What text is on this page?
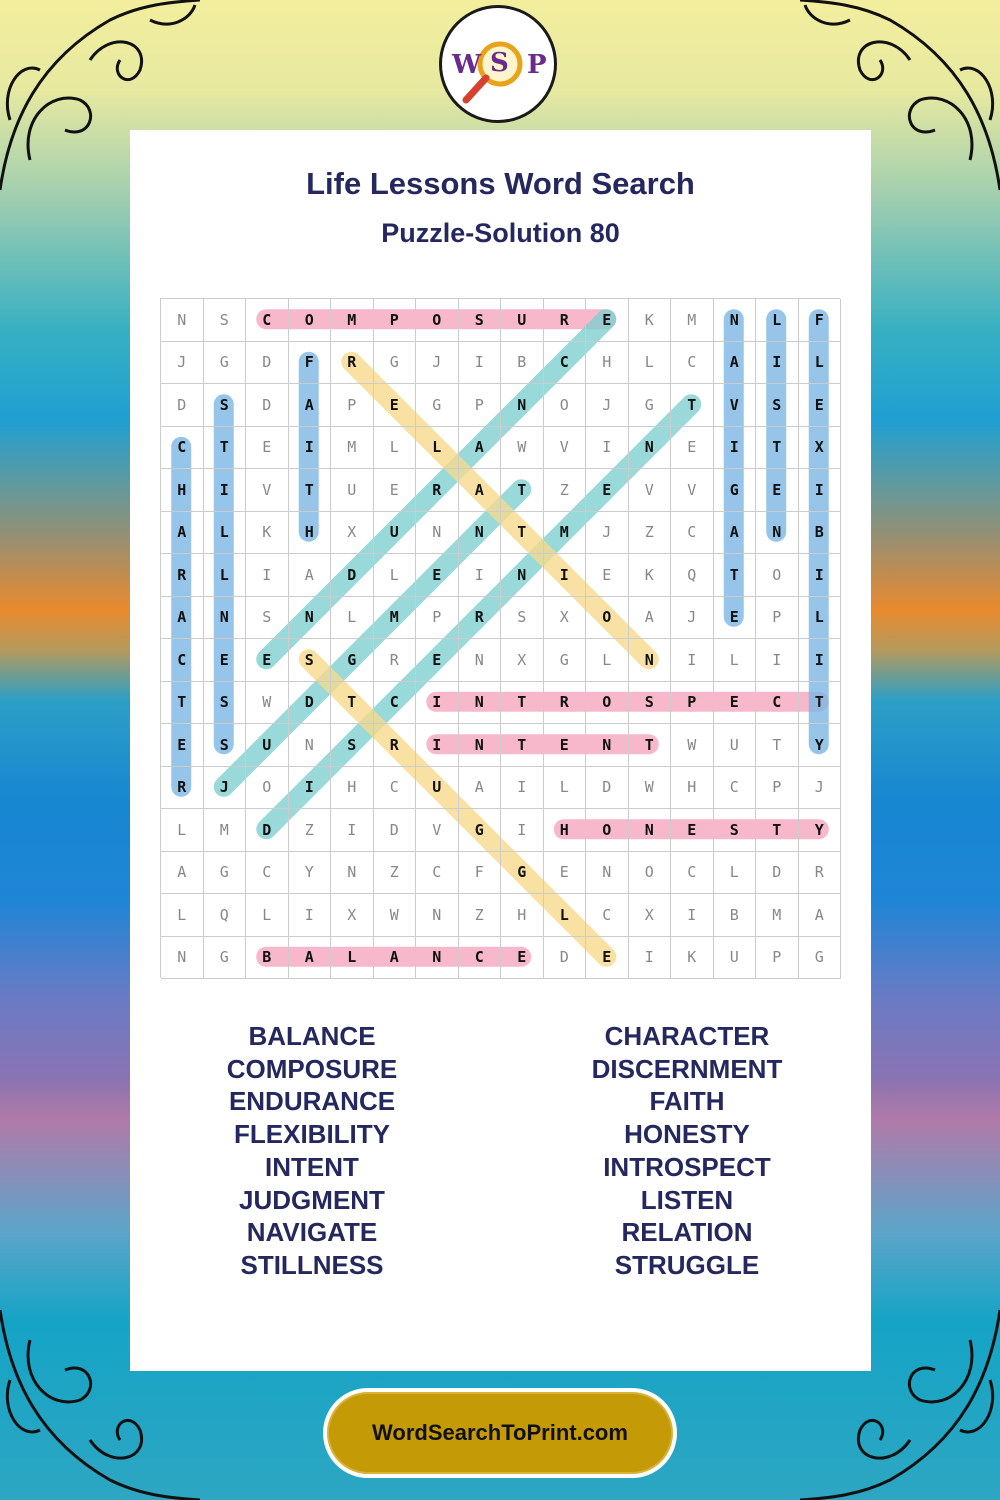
W S P
Life Lessons Word Search
Puzzle-Solution 80
N	S	C	O	M	P	O	S	U	R	E	K	M	N	L	F
J	G	D	F	R	G	J	I	B	C	H	L	C	A	I	L
D	S	D	A	P	E	G	P	N	O	J	G	T	V	S	E
C	T	E	I	M	L	L	A	W	V	I	N	E	I	T	X
H	I	V	T	U	E	R	A	T	Z	E	V	V	G	E	I
A	L	K	H	X	U	N	N	T	M	J	Z	C	A	N	B
R	L	I	A	D	L	E	I	N	I	E	K	Q	T	O	I
A	N	S	N	L	M	P	R	S	X	O	A	J	E	P	L
C	E	E	S	G	R	E	N	X	G	L	N	I	L	I	I
T	S	W	D	T	C	I	N	T	R	O	S	P	E	C	T
E	S	U	N	S	R	I	N	T	E	N	T	W	U	T	Y
R	J	O	I	H	C	U	A	I	L	D	W	H	C	P	J
L	M	D	Z	I	D	V	G	I	H	O	N	E	S	T	Y
A	G	C	Y	N	Z	C	F	G	E	N	O	C	L	D	R
L	Q	L	I	X	W	N	Z	H	L	C	X	I	B	M	A
N	G	B	A	L	A	N	C	E	D	E	I	K	U	P	G
BALANCE
COMPOSURE
ENDURANCE
FLEXIBILITY
INTENT
JUDGMENT
NAVIGATE
STILLNESS
CHARACTER
DISCERNMENT
FAITH
HONESTY
INTROSPECT
LISTEN
RELATION
STRUGGLE
WordSearchToPrint.com
